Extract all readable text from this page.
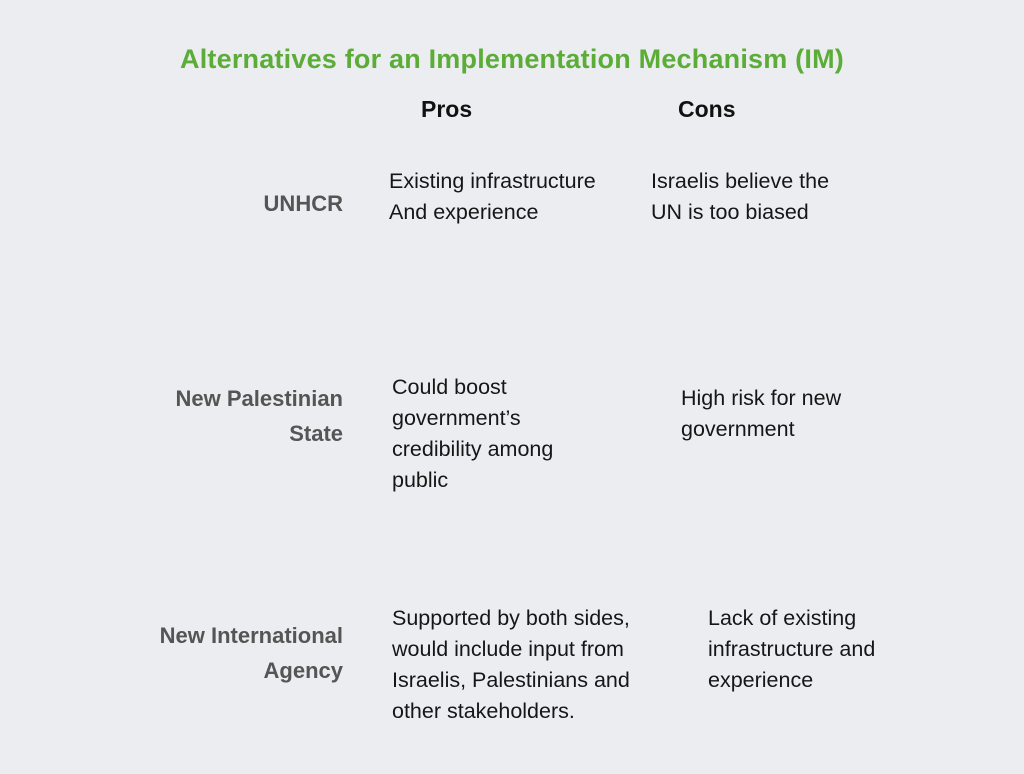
Alternatives for an Implementation Mechanism (IM)
Pros	Cons
UNHCR
Existing infrastructure
And experience
Israelis believe the
UN is too biased
New Palestinian
State
Could boost
government’s
credibility among
public
High risk for new
government
New International
Agency
Supported by both sides,
would include input from
Israelis, Palestinians and
other stakeholders.
Lack of existing
infrastructure and
experience
